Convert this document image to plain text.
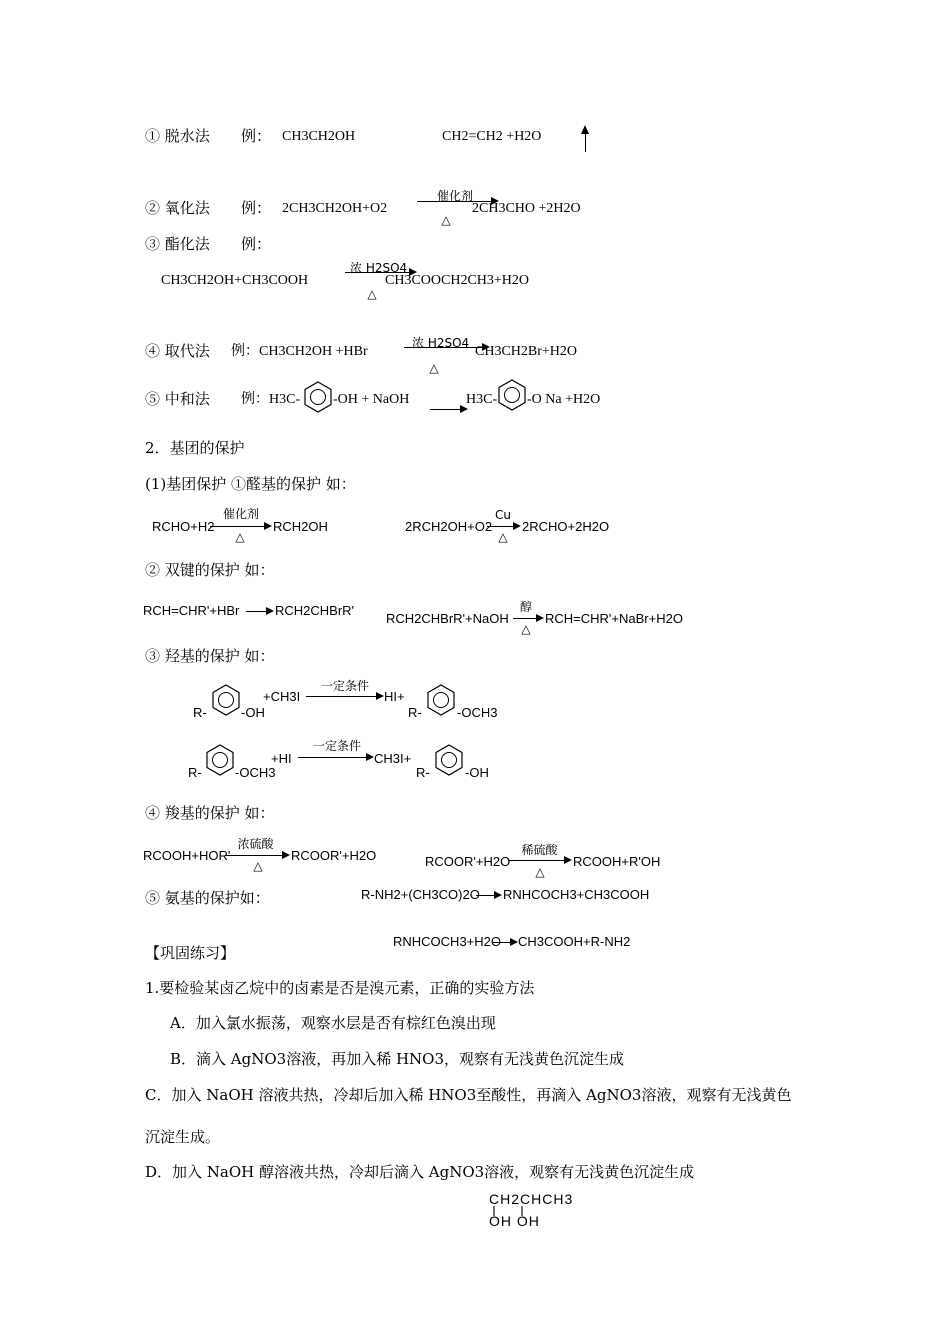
① 脱水法 例： CH3CH2OH	CH2=CH2 +H2O
② 氧化法 例： 2CH3CH2OH+O2
催化剂
△
2CH3CHO +2H2O
③ 酯化法 例：
CH3CH2OH+CH3COOH
浓 H2SO4
△
CH3COOCH2CH3+H2O
④ 取代法 例：CH3CH2OH +HBr
浓 H2SO4
△
CH3CH2Br+H2O
⑤ 中和法 例：H3C- -OH + NaOH	H3C- -O Na +H2O
2．基团的保护
(1)基团保护 ①醛基的保护 如：
RCHO+H2
催化剂
△
RCH2OH	2RCH2OH+O2
Cu
△
2RCHO+2H2O
② 双键的保护 如：
RCH=CHR'+HBr	RCH2CHBrR'
RCH2CHBrR'+NaOH
醇
△
RCH=CHR'+NaBr+H2O
③ 羟基的保护 如：
R-	-OH
+CH3I
一定条件
HI+
R-	-OCH3
R-	-OCH3
+HI
一定条件
CH3I+
R-	-OH
④ 羧基的保护 如：
RCOOH+HOR'
浓硫酸
△
RCOOR'+H2O	RCOOR'+H2O
稀硫酸
△
RCOOH+R'OH
⑤ 氨基的保护如：	R-NH2+(CH3CO)2O RNHCOCH3+CH3COOH
RNHCOCH3+H2O CH3COOH+R-NH2
【巩固练习】
1.要检验某卤乙烷中的卤素是否是溴元素，正确的实验方法
A．加入氯水振荡，观察水层是否有棕红色溴出现
B．滴入 AgNO3溶液，再加入稀 HNO3，观察有无浅黄色沉淀生成
C．加入 NaOH 溶液共热，冷却后加入稀 HNO3至酸性，再滴入 AgNO3溶液，观察有无浅黄色
沉淀生成。
D．加入 NaOH 醇溶液共热，冷却后滴入 AgNO3溶液，观察有无浅黄色沉淀生成
CH2CHCH3
OH OH
